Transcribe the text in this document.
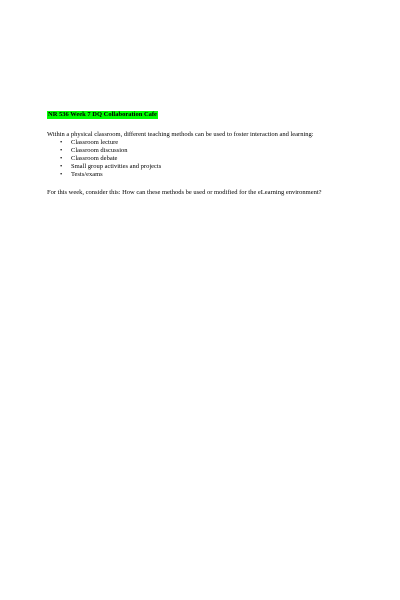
NR 536 Week 7 DQ Collaboration Cafe

Within a physical classroom, different teaching methods can be used to foster interaction and learning:

• Classroom lecture
• Classroom discussion
• Classroom debate
• Small group activities and projects
• Tests/exams

For this week, consider this: How can these methods be used or modified for the eLearning environment?
